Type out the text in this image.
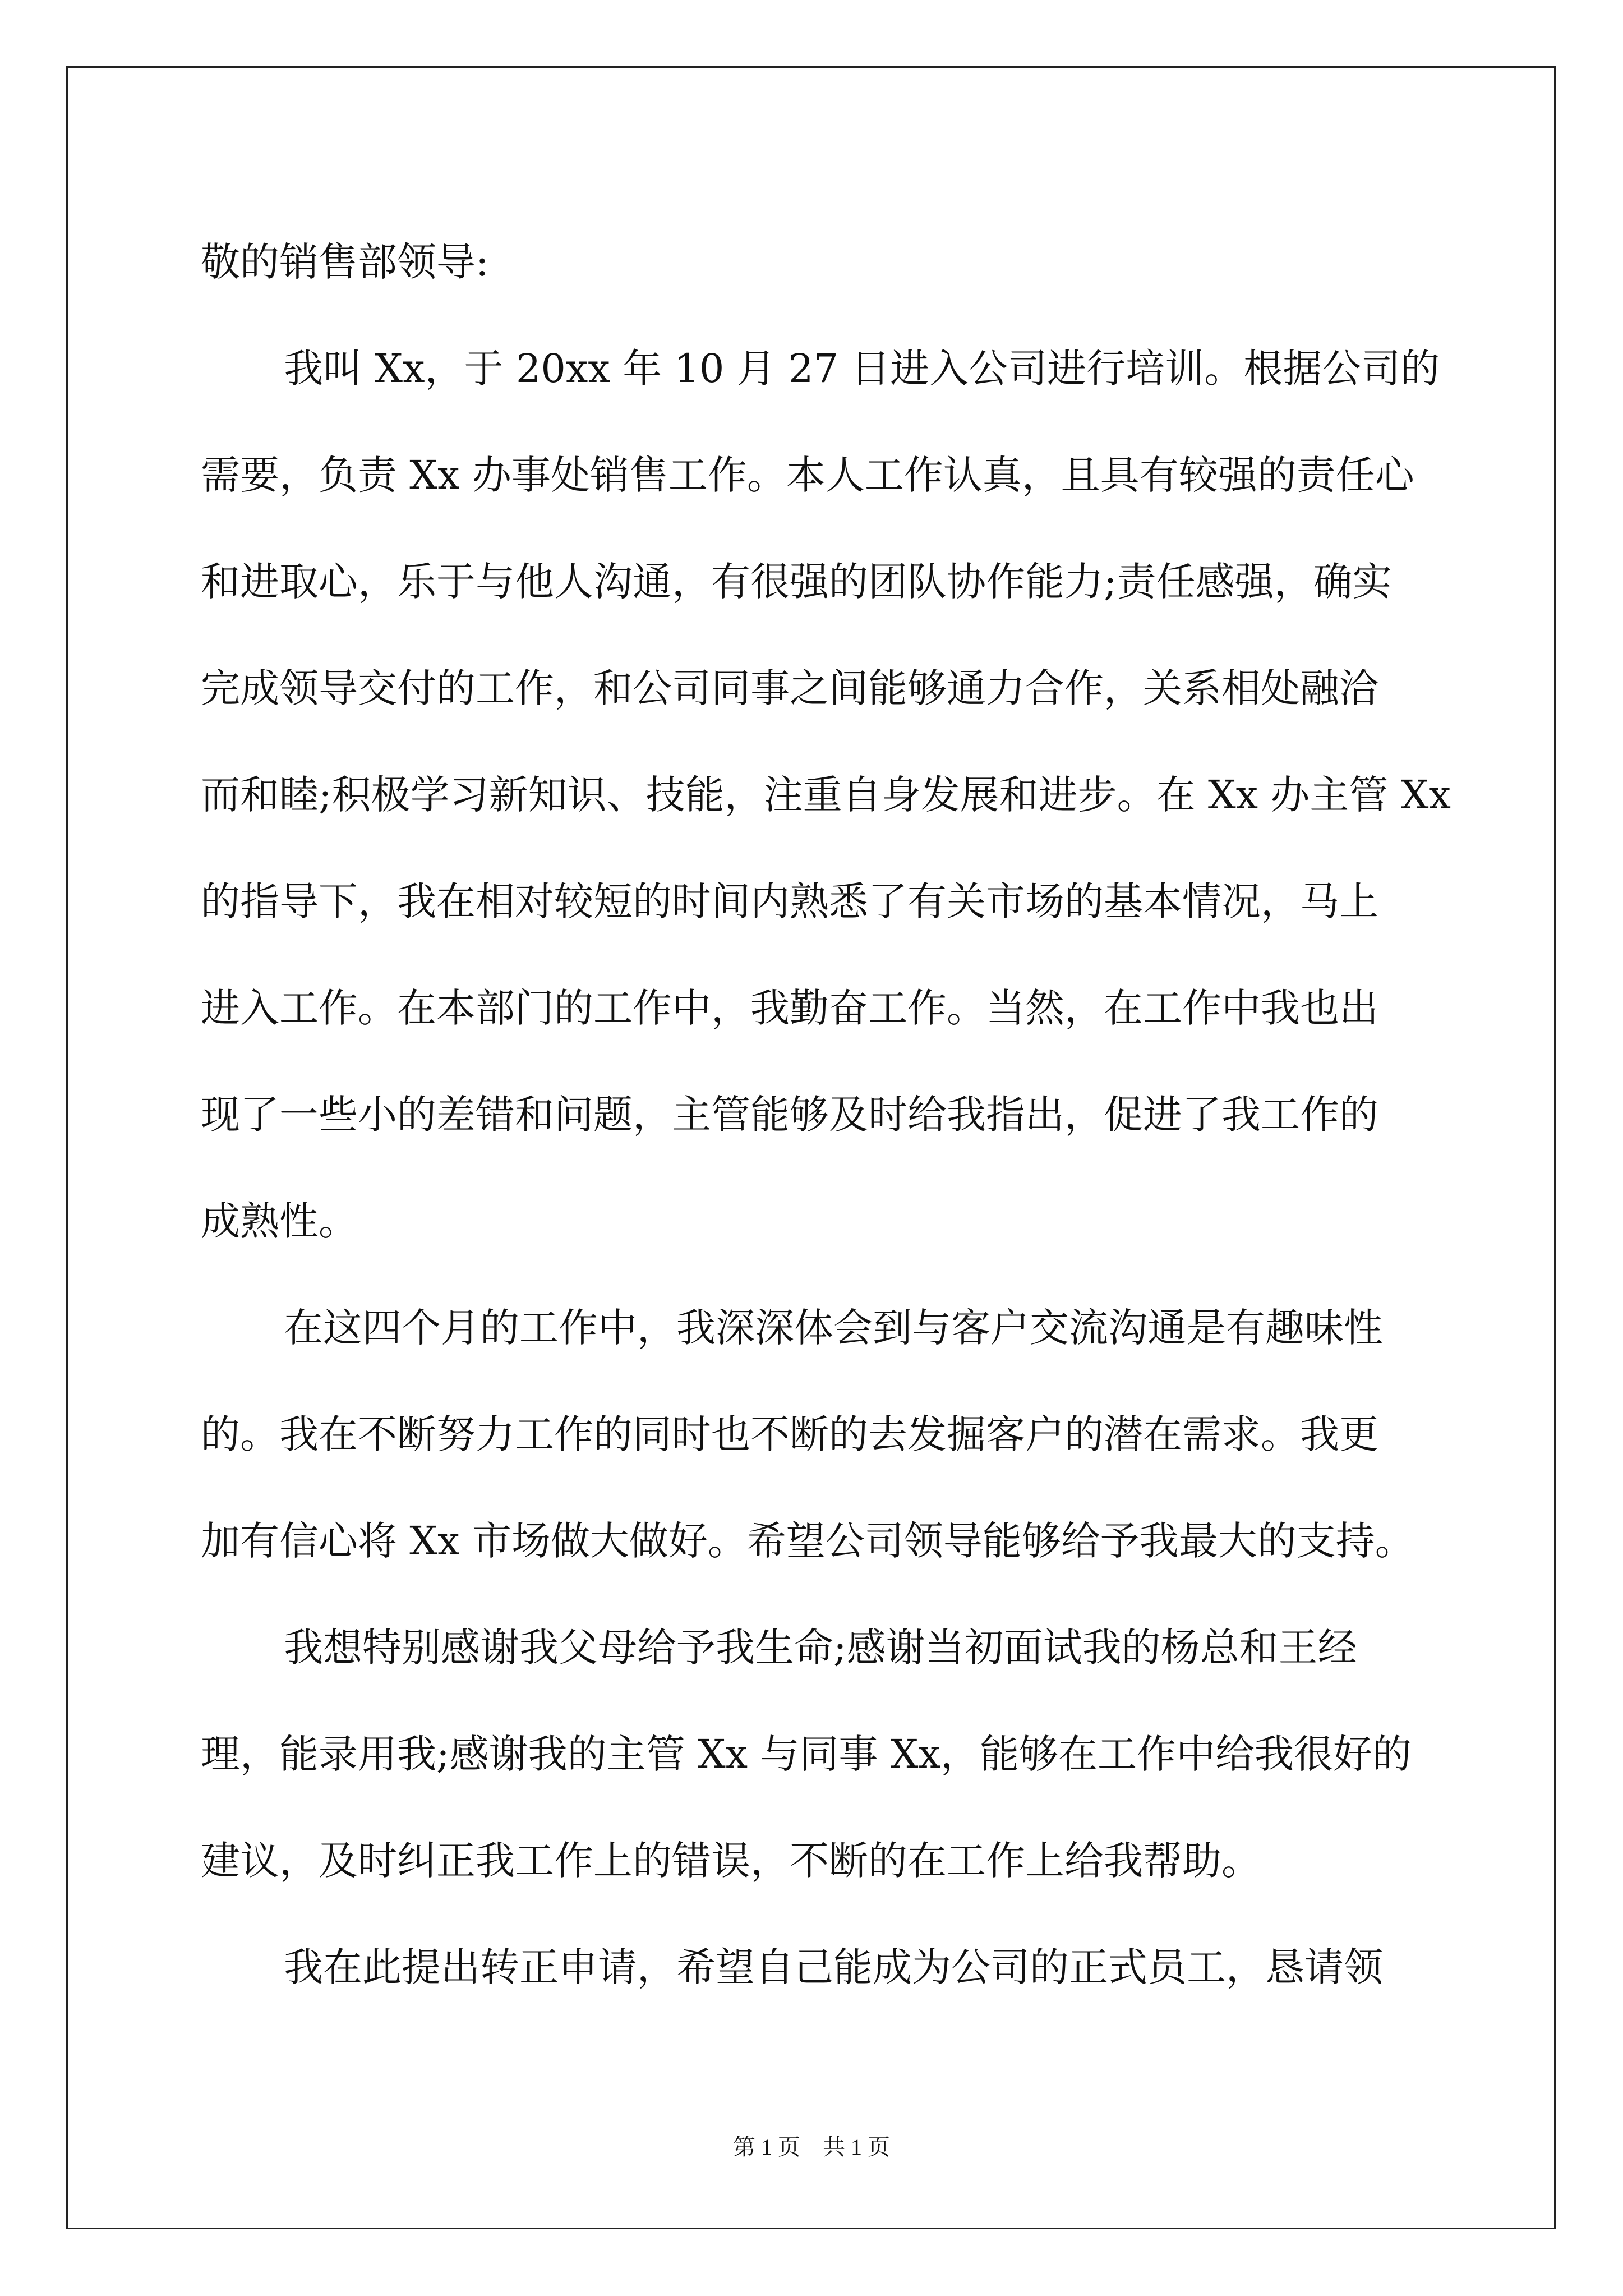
敬的销售部领导:

我叫 Xx，于 20xx 年 10 月 27 日进入公司进行培训。根据公司的

需要，负责 Xx 办事处销售工作。本人工作认真，且具有较强的责任心

和进取心，乐于与他人沟通，有很强的团队协作能力;责任感强，确实

完成领导交付的工作，和公司同事之间能够通力合作，关系相处融洽

而和睦;积极学习新知识、技能，注重自身发展和进步。在 Xx 办主管 Xx

的指导下，我在相对较短的时间内熟悉了有关市场的基本情况，马上

进入工作。在本部门的工作中，我勤奋工作。当然，在工作中我也出

现了一些小的差错和问题，主管能够及时给我指出，促进了我工作的

成熟性。

在这四个月的工作中，我深深体会到与客户交流沟通是有趣味性

的。我在不断努力工作的同时也不断的去发掘客户的潜在需求。我更

加有信心将 Xx 市场做大做好。希望公司领导能够给予我最大的支持。

我想特别感谢我父母给予我生命;感谢当初面试我的杨总和王经

理，能录用我;感谢我的主管 Xx 与同事 Xx，能够在工作中给我很好的

建议，及时纠正我工作上的错误，不断的在工作上给我帮助。

我在此提出转正申请，希望自己能成为公司的正式员工，恳请领

第 1 页　共 1 页
